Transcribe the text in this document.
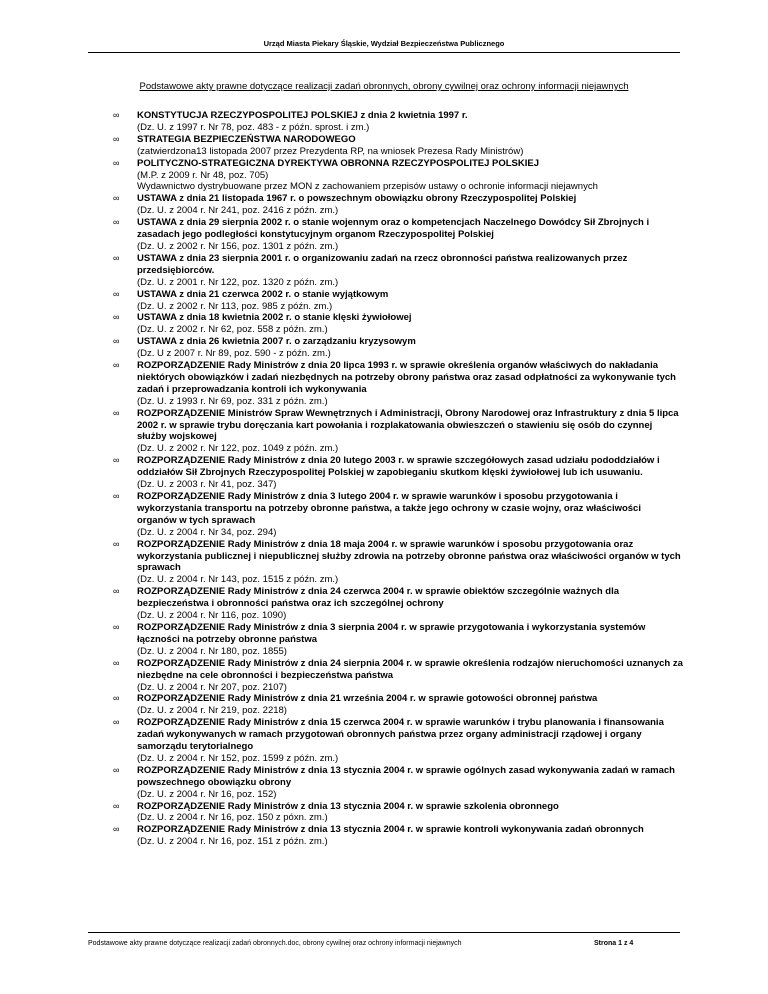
Urząd Miasta Piekary Śląskie, Wydział Bezpieczeństwa Publicznego
Podstawowe akty prawne dotyczące realizacji zadań obronnych, obrony cywilnej oraz ochrony informacji niejawnych
∞ KONSTYTUCJA RZECZYPOSPOLITEJ POLSKIEJ z dnia 2 kwietnia 1997 r.
(Dz. U. z 1997 r. Nr 78, poz. 483 - z późn. sprost. i zm.)
∞ STRATEGIA BEZPIECZEŃSTWA NARODOWEGO
(zatwierdzona13 listopada 2007 przez Prezydenta RP, na wniosek Prezesa Rady Ministrów)
∞ POLITYCZNO-STRATEGICZNA DYREKTYWA OBRONNA RZECZYPOSPOLITEJ POLSKIEJ
(M.P. z 2009 r. Nr 48, poz. 705)
Wydawnictwo dystrybuowane przez MON z zachowaniem przepisów ustawy o ochronie informacji niejawnych
∞ USTAWA z dnia 21 listopada 1967 r. o powszechnym obowiązku obrony Rzeczypospolitej Polskiej
(Dz. U. z 2004 r. Nr 241, poz. 2416 z późn. zm.)
∞ USTAWA z dnia 29 sierpnia 2002 r. o stanie wojennym oraz o kompetencjach Naczelnego Dowódcy Sił Zbrojnych i zasadach jego podległości konstytucyjnym organom Rzeczypospolitej Polskiej
(Dz. U. z 2002 r. Nr 156, poz. 1301 z późn. zm.)
∞ USTAWA z dnia 23 sierpnia 2001 r. o organizowaniu zadań na rzecz obronności państwa realizowanych przez przedsiębiorców.
(Dz. U. z 2001 r. Nr 122, poz. 1320 z późn. zm.)
∞ USTAWA z dnia 21 czerwca 2002 r. o stanie wyjątkowym
(Dz. U. z 2002 r. Nr 113, poz. 985 z późn. zm.)
∞ USTAWA z dnia 18 kwietnia 2002 r. o stanie klęski żywiołowej
(Dz. U. z 2002 r. Nr 62, poz. 558 z późn. zm.)
∞ USTAWA z dnia 26 kwietnia 2007 r. o zarządzaniu kryzysowym
(Dz. U z 2007 r. Nr 89, poz. 590 - z późn. zm.)
∞ ROZPORZĄDZENIE Rady Ministrów z dnia 20 lipca 1993 r. w sprawie określenia organów właściwych do nakładania niektórych obowiązków i zadań niezbędnych na potrzeby obrony państwa oraz zasad odpłatności za wykonywanie tych zadań i przeprowadzania kontroli ich wykonywania
(Dz. U. z 1993 r. Nr 69, poz. 331 z późn. zm.)
∞ ROZPORZĄDZENIE Ministrów Spraw Wewnętrznych i Administracji, Obrony Narodowej oraz Infrastruktury z dnia 5 lipca 2002 r. w sprawie trybu doręczania kart powołania i rozplakatowania obwieszczeń o stawieniu się osób do czynnej służby wojskowej
(Dz. U. z 2002 r. Nr 122, poz. 1049 z późn. zm.)
∞ ROZPORZĄDZENIE Rady Ministrów z dnia 20 lutego 2003 r. w sprawie szczegółowych zasad udziału pododdziałów i oddziałów Sił Zbrojnych Rzeczypospolitej Polskiej w zapobieganiu skutkom klęski żywiołowej lub ich usuwaniu.
(Dz. U. z 2003 r. Nr 41, poz. 347)
∞ ROZPORZĄDZENIE Rady Ministrów z dnia 3 lutego 2004 r. w sprawie warunków i sposobu przygotowania i wykorzystania transportu na potrzeby obronne państwa, a także jego ochrony w czasie wojny, oraz właściwości organów w tych sprawach
(Dz. U. z 2004 r. Nr 34, poz. 294)
∞ ROZPORZĄDZENIE Rady Ministrów z dnia 18 maja 2004 r. w sprawie warunków i sposobu przygotowania oraz wykorzystania publicznej i niepublicznej służby zdrowia na potrzeby obronne państwa oraz właściwości organów w tych sprawach
(Dz. U. z 2004 r. Nr 143, poz. 1515 z późn. zm.)
∞ ROZPORZĄDZENIE Rady Ministrów z dnia 24 czerwca 2004 r. w sprawie obiektów szczególnie ważnych dla bezpieczeństwa i obronności państwa oraz ich szczególnej ochrony
(Dz. U. z 2004 r. Nr 116, poz. 1090)
∞ ROZPORZĄDZENIE Rady Ministrów z dnia 3 sierpnia 2004 r. w sprawie przygotowania i wykorzystania systemów łączności na potrzeby obronne państwa
(Dz. U. z 2004 r. Nr 180, poz. 1855)
∞ ROZPORZĄDZENIE Rady Ministrów z dnia 24 sierpnia 2004 r. w sprawie określenia rodzajów nieruchomości uznanych za niezbędne na cele obronności i bezpieczeństwa państwa
(Dz. U. z 2004 r. Nr 207, poz. 2107)
∞ ROZPORZĄDZENIE Rady Ministrów z dnia 21 września 2004 r. w sprawie gotowości obronnej państwa
(Dz. U. z 2004 r. Nr 219, poz. 2218)
∞ ROZPORZĄDZENIE Rady Ministrów z dnia 15 czerwca 2004 r. w sprawie warunków i trybu planowania i finansowania zadań wykonywanych w ramach przygotowań obronnych państwa przez organy administracji rządowej i organy samorządu terytorialnego
(Dz. U. z 2004 r. Nr 152, poz. 1599 z późn. zm.)
∞ ROZPORZĄDZENIE Rady Ministrów z dnia 13 stycznia 2004 r. w sprawie ogólnych zasad wykonywania zadań w ramach powszechnego obowiązku obrony
(Dz. U. z 2004 r. Nr 16, poz. 152)
∞ ROZPORZĄDZENIE Rady Ministrów z dnia 13 stycznia 2004 r. w sprawie szkolenia obronnego
(Dz. U. z 2004 r. Nr 16, poz. 150 z póxn. zm.)
∞ ROZPORZĄDZENIE Rady Ministrów z dnia 13 stycznia 2004 r. w sprawie kontroli wykonywania zadań obronnych
(Dz. U. z 2004 r. Nr 16, poz. 151 z późn. zm.)
Podstawowe akty prawne dotyczące realizacji zadań obronnych.doc, obrony cywilnej oraz ochrony informacji niejawnych	Strona 1 z 4
